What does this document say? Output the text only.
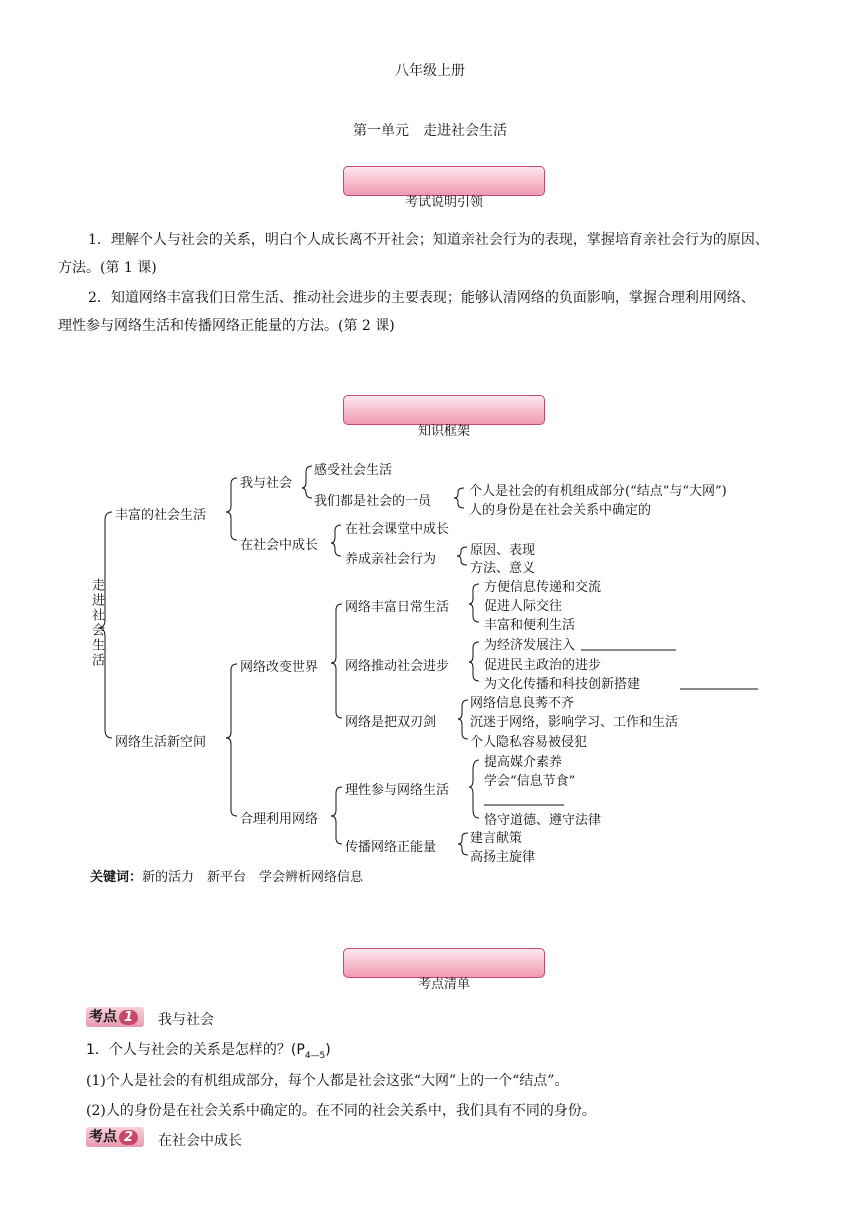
八年级上册
第一单元　走进社会生活
考试说明引领
1．理解个人与社会的关系，明白个人成长离不开社会；知道亲社会行为的表现，掌握培育亲社会行为的原因、
方法。(第 1 课)
2．知道网络丰富我们日常生活、推动社会进步的主要表现；能够认清网络的负面影响，掌握合理利用网络、
理性参与网络生活和传播网络正能量的方法。(第 2 课)
知识框架
走进社会生活
丰富的社会生活
我与社会
感受社会生活
我们都是社会的一员
个人是社会的有机组成部分(“结点”与“大网”)
人的身份是在社会关系中确定的
在社会中成长
在社会课堂中成长
养成亲社会行为
原因、表现
方法、意义
网络生活新空间
网络改变世界
网络丰富日常生活
方便信息传递和交流
促进人际交往
丰富和便利生活
网络推动社会进步
为经济发展注入
促进民主政治的进步
为文化传播和科技创新搭建
网络是把双刃剑
网络信息良莠不齐
沉迷于网络，影响学习、工作和生活
个人隐私容易被侵犯
合理利用网络
理性参与网络生活
提高媒介素养
学会“信息节食”
恪守道德、遵守法律
传播网络正能量
建言献策
高扬主旋律
关键词：新的活力　新平台　学会辨析网络信息
考点清单
考点 1	我与社会
1．个人与社会的关系是怎样的？$(P_{4—5})$
(1)个人是社会的有机组成部分，每个人都是社会这张“大网”上的一个“结点”。
(2)人的身份是在社会关系中确定的。在不同的社会关系中，我们具有不同的身份。
考点 2	在社会中成长
